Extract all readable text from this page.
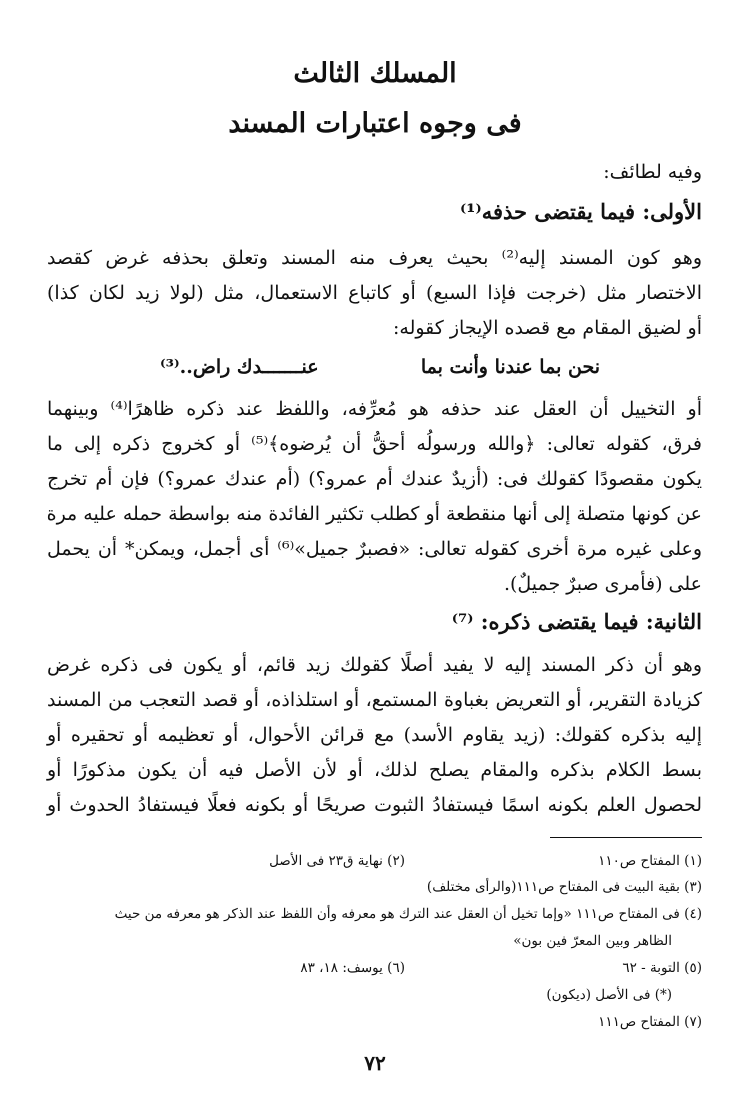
المسلك الثالث
فى وجوه اعتبارات المسند

وفيه لطائف:

الأولى: فيما يقتضى حذفه⁽¹⁾

وهو كون المسند إليه⁽²⁾ بحيث يعرف منه المسند وتعلق بحذفه غرض كقصد

الاختصار مثل (خرجت فإذا السبع) أو كاتباع الاستعمال، مثل (لولا زيد لكان كذا)

أو لضيق المقام مع قصده الإيجاز كقوله:

نحن بما عندنا وأنت بما
عنـــــــدك راض..⁽³⁾

أو التخييل أن العقل عند حذفه هو مُعرِّفه، واللفظ عند ذكره ظاهرًا⁽⁴⁾ وبينهما

فرق، كقوله تعالى: ﴿والله ورسولُه أحقُّ أن يُرضوه﴾⁽⁵⁾ أو كخروج ذكره إلى ما

يكون مقصودًا كقولك فى: (أزيدٌ عندك أم عمرو؟) (أم عندك عمرو؟) فإن أم تخرج

عن كونها متصلة إلى أنها منقطعة أو كطلب تكثير الفائدة منه بواسطة حمله عليه مرة

وعلى غيره مرة أخرى كقوله تعالى: «فصبرٌ جميل»⁽⁶⁾ أى أجمل، ويمكن* أن يحمل

على (فأمرى صبرٌ جميلٌ).

الثانية: فيما يقتضى ذكره: ⁽⁷⁾

وهو أن ذكر المسند إليه لا يفيد أصلًا كقولك زيد قائم، أو يكون فى ذكره غرض

كزيادة التقرير، أو التعريض بغباوة المستمع، أو استلذاذه، أو قصد التعجب من المسند

إليه بذكره كقولك: (زيد يقاوم الأسد) مع قرائن الأحوال، أو تعظيمه أو تحقيره أو

بسط الكلام بذكره والمقام يصلح لذلك، أو لأن الأصل فيه أن يكون مذكورًا أو

لحصول العلم بكونه اسمًا فيستفادُ الثبوت صريحًا أو بكونه فعلًا فيستفادُ الحدوث أو

(١) المفتاح ص١١٠

(٢) نهاية ق٢٣ فى الأصل

(٣) بقية البيت فى المفتاح ص١١١(والرأى مختلف)

(٤) فى المفتاح ص١١١ «وإما تخيل أن العقل عند الترك هو معرفه وأن اللفظ عند الذكر هو معرفه من حيث

الظاهر وبين المعرّ فين بون»

(٥) التوبة - ٦٢

(٦) يوسف: ١٨، ٨٣

(*) فى الأصل (ديكون)

(٧) المفتاح ص١١١

٧٢
